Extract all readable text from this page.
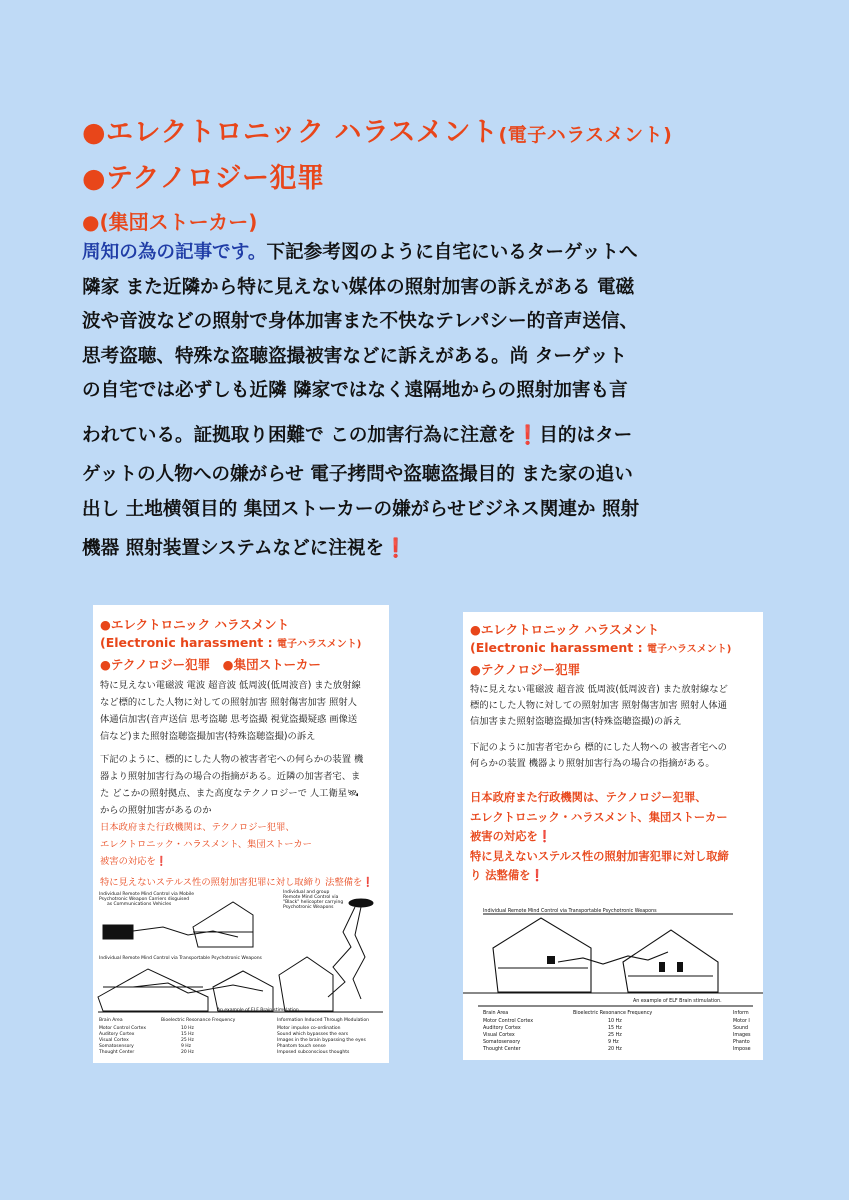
●エレクトロニック ハラスメント(電子ハラスメント)
●テクノロジー犯罪
●(集団ストーカー)
周知の為の記事です。下記参考図のように自宅にいるターゲットへ
隣家 また近隣から特に見えない媒体の照射加害の訴えがある 電磁
波や音波などの照射で身体加害また不快なテレパシー的音声送信、
思考盗聴、特殊な盗聴盗撮被害などに訴えがある。尚 ターゲット
の自宅では必ずしも近隣 隣家ではなく遠隔地からの照射加害も言
われている。証拠取り困難で この加害行為に注意を❗目的はター
ゲットの人物への嫌がらせ 電子拷問や盗聴盗撮目的 また家の追い
出し 土地横領目的 集団ストーカーの嫌がらせビジネス関連か 照射
機器 照射装置システムなどに注視を❗
●エレクトロニック ハラスメント
(Electronic harassment : 電子ハラスメント)
●テクノロジー犯罪　●集団ストーカー
特に見えない電磁波 電波 超音波 低周波(低周波音) また放射線
など標的にした人物に対しての照射加害 照射傷害加害 照射人
体通信加害(音声送信 思考盗聴 思考盗撮 視覚盗撮疑惑 画像送
信など)また照射盗聴盗撮加害(特殊盗聴盗撮)の訴え
下記のように、標的にした人物の被害者宅への何らかの装置 機
器より照射加害行為の場合の指摘がある。近隣の加害者宅、ま
た どこかの照射拠点、また高度なテクノロジーで 人工衛星🛰
からの照射加害があるのか
日本政府また行政機関は、テクノロジー犯罪、
エレクトロニック・ハラスメント、集団ストーカー
被害の対応を❗
特に見えないステルス性の照射加害犯罪に対し取締り 法整備を❗
Individual Remote Mind Control via Mobile
Psychotronic Weapon Carriers disguised
as Communications Vehicles
Individual and group
Remote Mind Control via
"Black" helicopter carrying
Psychotronic Weapons
Individual Remote Mind Control via Transportable Psychotronic Weapons
An example of ELF Brain stimulation
Brain Area	Bioelectric Resonance Frequency	Information Induced Through Modulation
Motor Control Cortex	10 Hz	Motor impulse co-ordination
Auditory Cortex	15 Hz	Sound which bypasses the ears
Visual Cortex	25 Hz	Images in the brain bypassing the eyes
Somatosensory	9 Hz	Phantom touch sense
Thought Center	20 Hz	Imposed subconscious thoughts
●エレクトロニック ハラスメント
(Electronic harassment : 電子ハラスメント)
●テクノロジー犯罪
特に見えない電磁波 超音波 低周波(低周波音) また放射線など
標的にした人物に対しての照射加害 照射傷害加害 照射人体通
信加害また照射盗聴盗撮加害(特殊盗聴盗撮)の訴え
下記のように加害者宅から 標的にした人物への 被害者宅への
何らかの装置 機器より照射加害行為の場合の指摘がある。
日本政府また行政機関は、テクノロジー犯罪、
エレクトロニック・ハラスメント、集団ストーカー
被害の対応を❗
特に見えないステルス性の照射加害犯罪に対し取締
り 法整備を❗
Individual Remote Mind Control via Transportable Psychotronic Weapons
An example of ELF Brain stimulation.
Brain Area	Bioelectric Resonance Frequency	Inform
Motor Control Cortex	10 Hz	Motor I
Auditory Cortex	15 Hz	Sound
Visual Cortex	25 Hz	Images
Somatosensory	9 Hz	Phanto
Thought Center	20 Hz	Impose
